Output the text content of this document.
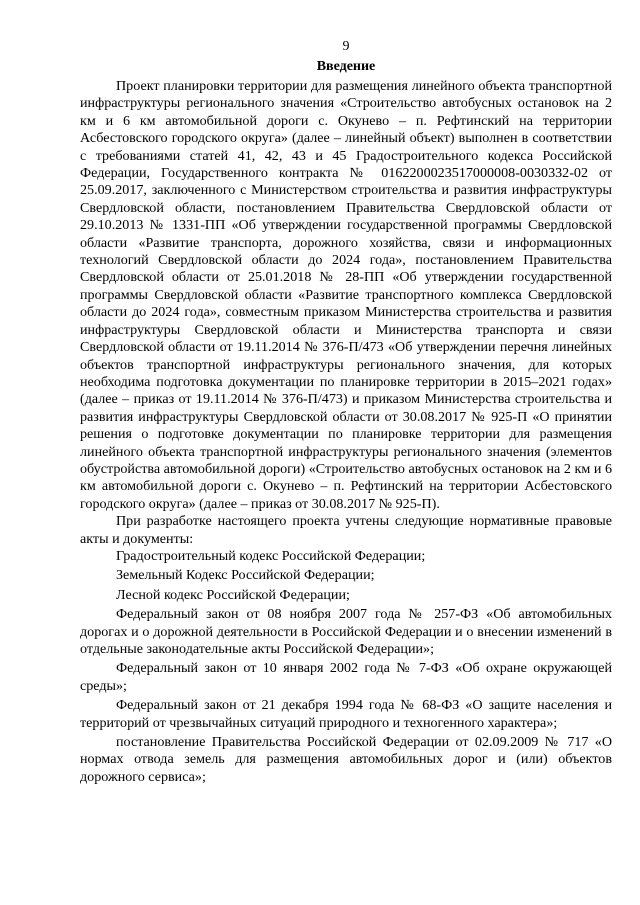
9
Введение

Проект планировки территории для размещения линейного объекта транспортной инфраструктуры регионального значения «Строительство автобусных остановок на 2 км и 6 км автомобильной дороги с. Окунево – п. Рефтинский на территории Асбестовского городского округа» (далее – линейный объект) выполнен в соответствии с требованиями статей 41, 42, 43 и 45 Градостроительного кодекса Российской Федерации, Государственного контракта № 0162200023517000008-0030332-02 от 25.09.2017, заключенного с Министерством строительства и развития инфраструктуры Свердловской области, постановлением Правительства Свердловской области от 29.10.2013 № 1331-ПП «Об утверждении государственной программы Свердловской области «Развитие транспорта, дорожного хозяйства, связи и информационных технологий Свердловской области до 2024 года», постановлением Правительства Свердловской области от 25.01.2018 № 28-ПП «Об утверждении государственной программы Свердловской области «Развитие транспортного комплекса Свердловской области до 2024 года», совместным приказом Министерства строительства и развития инфраструктуры Свердловской области и Министерства транспорта и связи Свердловской области от 19.11.2014 № 376-П/473 «Об утверждении перечня линейных объектов транспортной инфраструктуры регионального значения, для которых необходима подготовка документации по планировке территории в 2015–2021 годах» (далее – приказ от 19.11.2014 № 376-П/473) и приказом Министерства строительства и развития инфраструктуры Свердловской области от 30.08.2017 № 925-П «О принятии решения о подготовке документации по планировке территории для размещения линейного объекта транспортной инфраструктуры регионального значения (элементов обустройства автомобильной дороги) «Строительство автобусных остановок на 2 км и 6 км автомобильной дороги с. Окунево – п. Рефтинский на территории Асбестовского городского округа» (далее – приказ от 30.08.2017 № 925-П).

При разработке настоящего проекта учтены следующие нормативные правовые акты и документы:

Градостроительный кодекс Российской Федерации;
Земельный Кодекс Российской Федерации;
Лесной кодекс Российской Федерации;
Федеральный закон от 08 ноября 2007 года № 257-ФЗ «Об автомобильных дорогах и о дорожной деятельности в Российской Федерации и о внесении изменений в отдельные законодательные акты Российской Федерации»;
Федеральный закон от 10 января 2002 года № 7-ФЗ «Об охране окружающей среды»;
Федеральный закон от 21 декабря 1994 года № 68-ФЗ «О защите населения и территорий от чрезвычайных ситуаций природного и техногенного характера»;
постановление Правительства Российской Федерации от 02.09.2009 № 717 «О нормах отвода земель для размещения автомобильных дорог и (или) объектов дорожного сервиса»;
